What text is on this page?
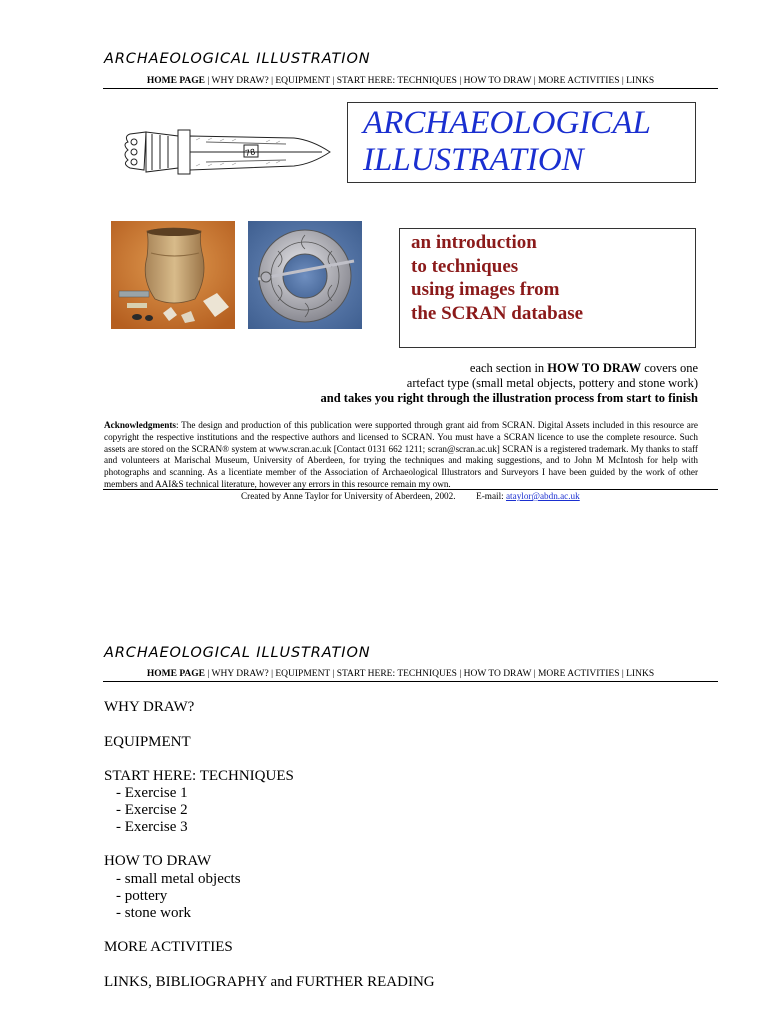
ARCHAEOLOGICAL ILLUSTRATION
HOME PAGE | WHY DRAW? | EQUIPMENT | START HERE: TECHNIQUES | HOW TO DRAW | MORE ACTIVITIES | LINKS
78
ARCHAEOLOGICAL
ILLUSTRATION
an introduction
to techniques
using images from
the SCRAN database
each section in HOW TO DRAW covers one
artefact type (small metal objects, pottery and stone work)
and takes you right through the illustration process from start to finish
Acknowledgments: The design and production of this publication were supported through grant aid from SCRAN. Digital Assets included in this resource are copyright the respective institutions and the respective authors and licensed to SCRAN. You must have a SCRAN licence to use the complete resource. Such assets are stored on the SCRAN® system at www.scran.ac.uk [Contact 0131 662 1211; scran@scran.ac.uk] SCRAN is a registered trademark. My thanks to staff and volunteers at Marischal Museum, University of Aberdeen, for trying the techniques and making suggestions, and to John M McIntosh for help with photographs and scanning. As a licentiate member of the Association of Archaeological Illustrators and Surveyors I have been guided by the work of other members and AAI&S technical literature, however any errors in this resource remain my own.
Created by Anne Taylor for University of Aberdeen, 2002. E-mail: ataylor@abdn.ac.uk
ARCHAEOLOGICAL ILLUSTRATION
HOME PAGE | WHY DRAW? | EQUIPMENT | START HERE: TECHNIQUES | HOW TO DRAW | MORE ACTIVITIES | LINKS
WHY DRAW?
EQUIPMENT
START HERE: TECHNIQUES
- Exercise 1
- Exercise 2
- Exercise 3
HOW TO DRAW
- small metal objects
- pottery
- stone work
MORE ACTIVITIES
LINKS, BIBLIOGRAPHY and FURTHER READING
